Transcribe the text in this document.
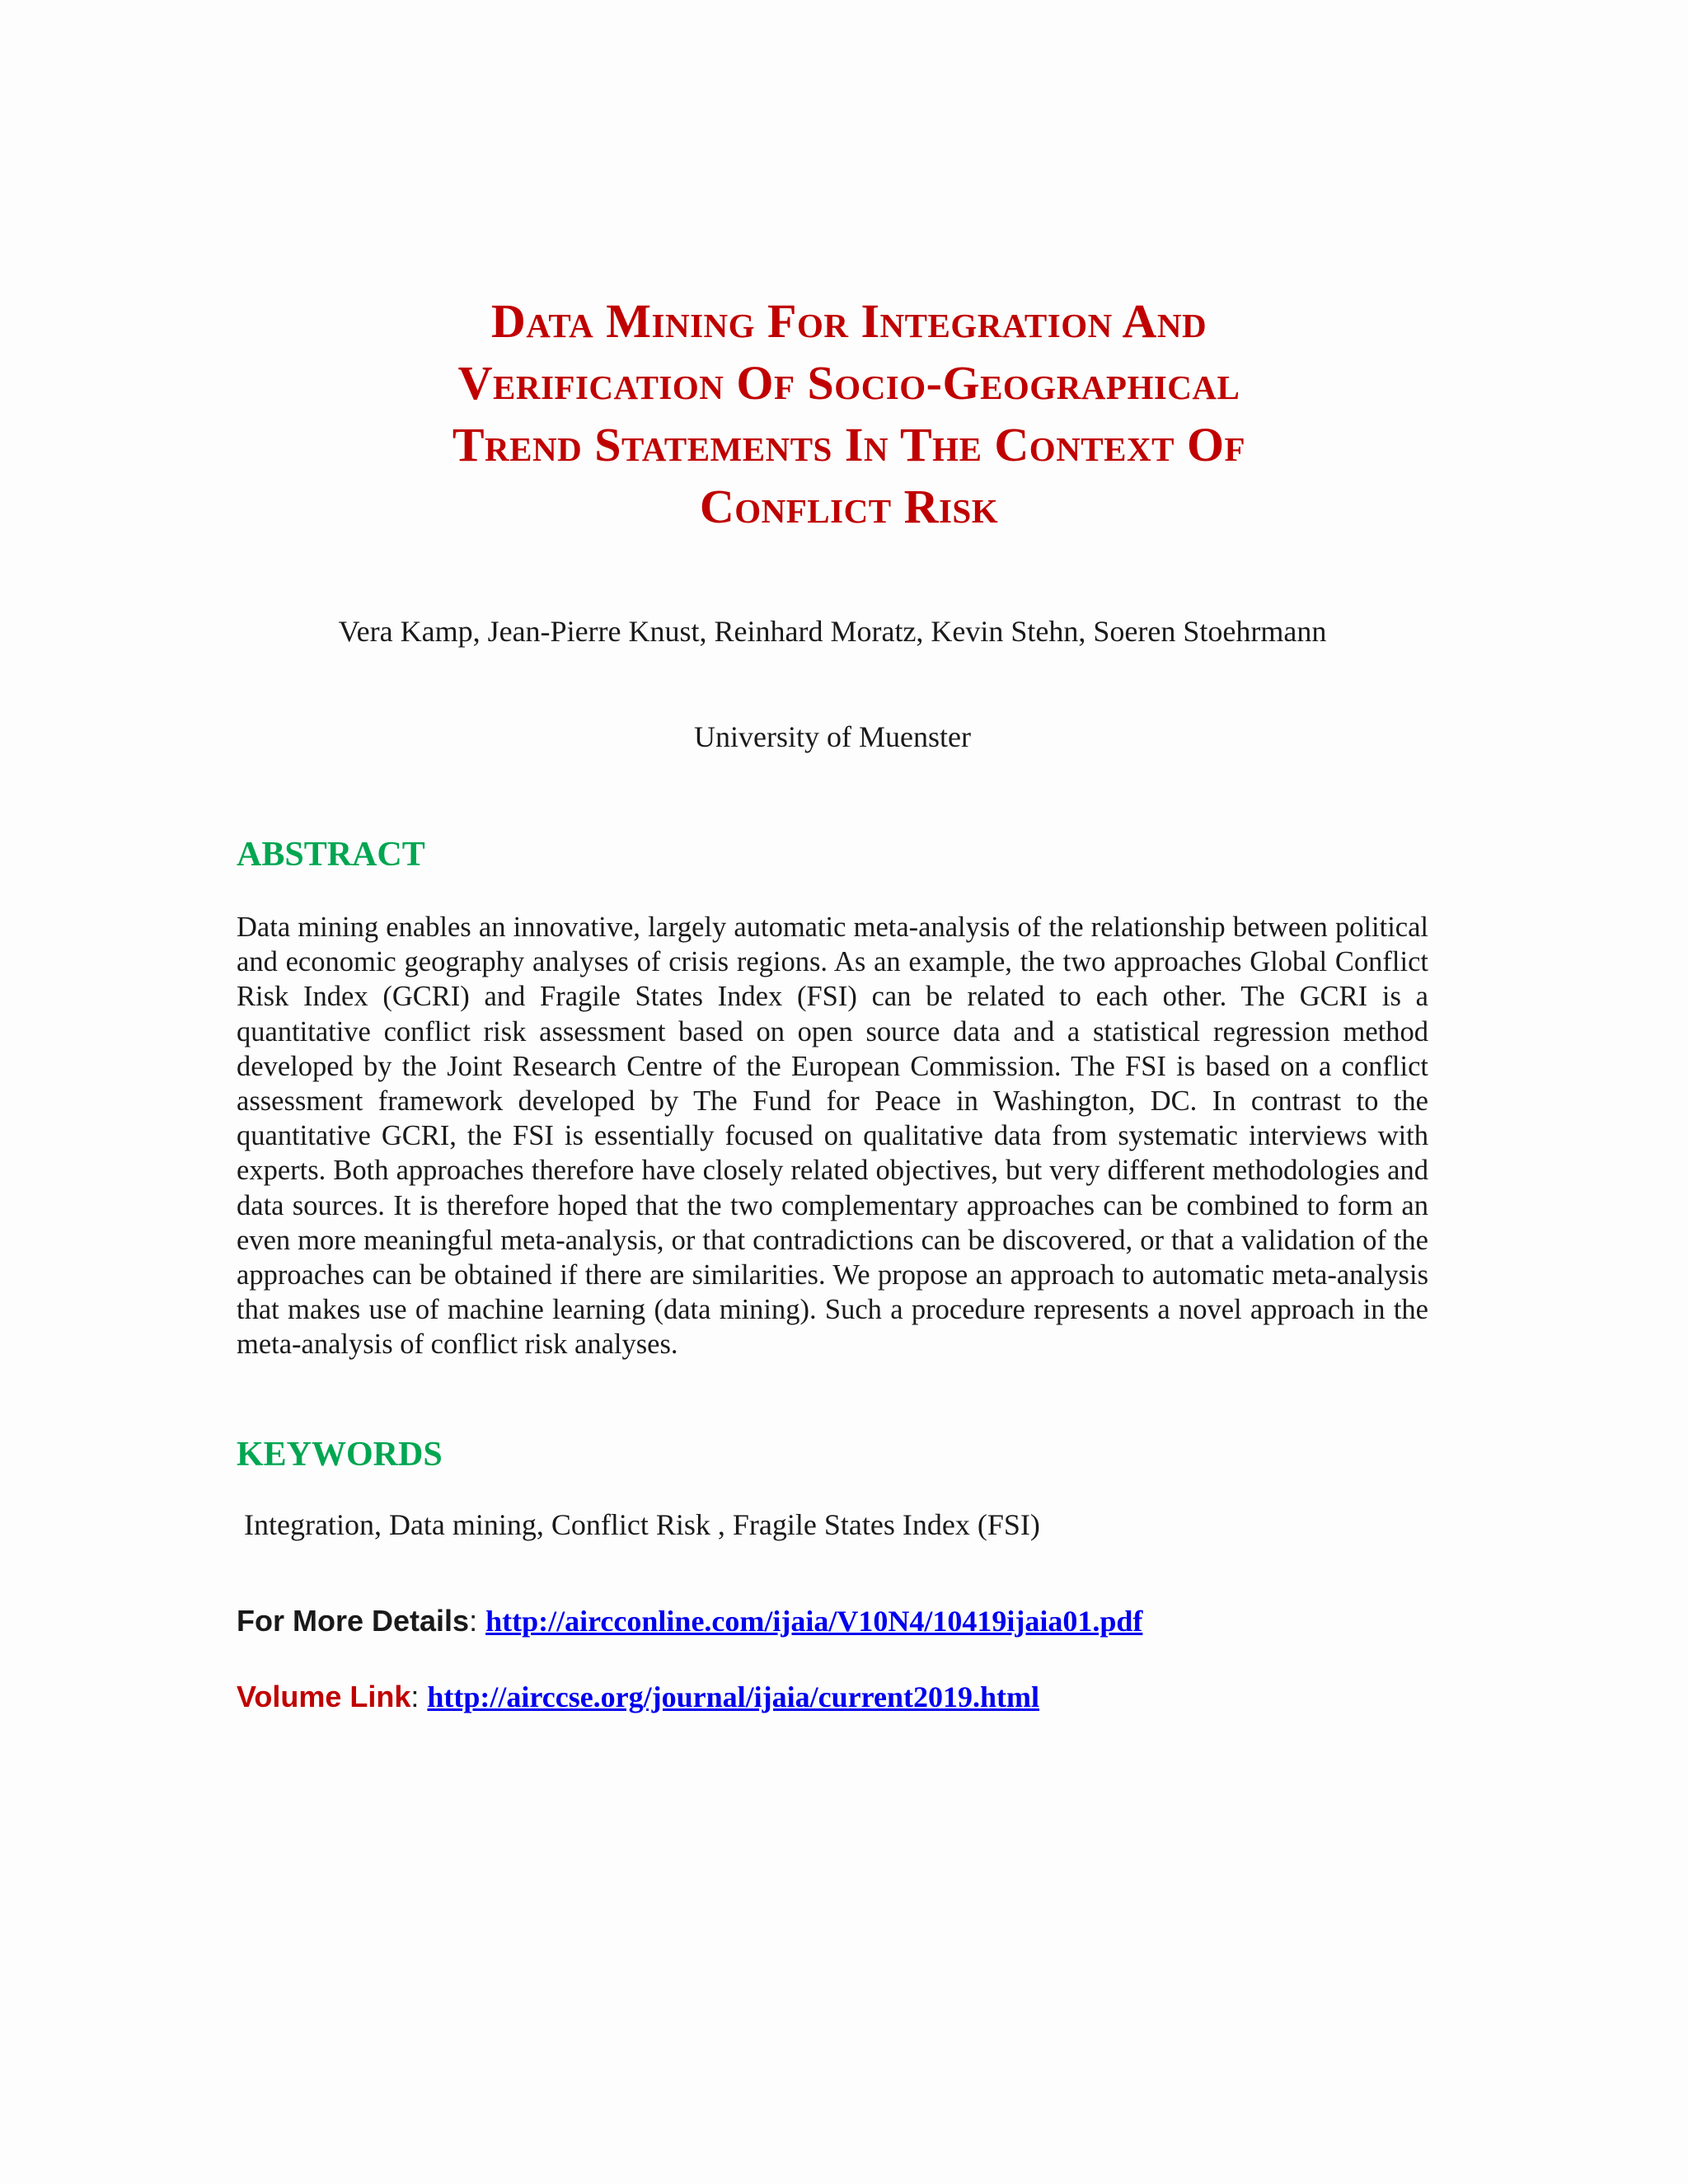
Data Mining For Integration And
Verification Of Socio-Geographical
Trend Statements In The Context Of
Conflict Risk
Vera Kamp, Jean-Pierre Knust, Reinhard Moratz, Kevin Stehn, Soeren Stoehrmann
University of Muenster
ABSTRACT
Data mining enables an innovative, largely automatic meta-analysis of the relationship between political and economic geography analyses of crisis regions. As an example, the two approaches Global Conflict Risk Index (GCRI) and Fragile States Index (FSI) can be related to each other. The GCRI is a quantitative conflict risk assessment based on open source data and a statistical regression method developed by the Joint Research Centre of the European Commission. The FSI is based on a conflict assessment framework developed by The Fund for Peace in Washington, DC. In contrast to the quantitative GCRI, the FSI is essentially focused on qualitative data from systematic interviews with experts. Both approaches therefore have closely related objectives, but very different methodologies and data sources. It is therefore hoped that the two complementary approaches can be combined to form an even more meaningful meta-analysis, or that contradictions can be discovered, or that a validation of the approaches can be obtained if there are similarities. We propose an approach to automatic meta-analysis that makes use of machine learning (data mining). Such a procedure represents a novel approach in the meta-analysis of conflict risk analyses.
KEYWORDS
Integration, Data mining, Conflict Risk , Fragile States Index (FSI)
For More Details: http://aircconline.com/ijaia/V10N4/10419ijaia01.pdf
Volume Link: http://airccse.org/journal/ijaia/current2019.html
